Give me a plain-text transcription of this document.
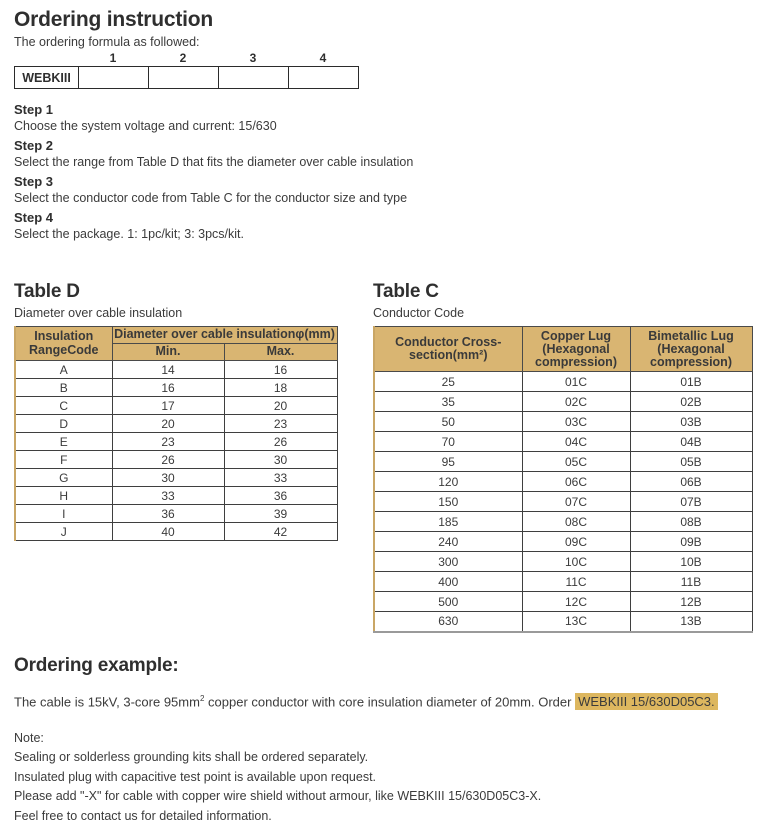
Ordering instruction

The ordering formula as followed:

1	2	3	4
WEBKIII				

Step 1

Choose the system voltage and current: 15/630

Step 2

Select the range from Table D that fits the diameter over cable insulation

Step 3

Select the conductor code from Table C for the conductor size and type

Step 4

Select the package. 1: 1pc/kit; 3: 3pcs/kit.

Table D

Diameter over cable insulation

Insulation
RangeCode	Diameter over cable insulationφ(mm)	
	Min.	Max.
A	14	16
B	16	18
C	17	20
D	20	23
E	23	26
F	26	30
G	30	33
H	33	36
I	36	39
J	40	42
Table C

Conductor Code

Conductor Cross-section(mm²)	Copper Lug (Hexagonal compression)	Bimetallic Lug (Hexagonal compression)
25	01C	01B
35	02C	02B
50	03C	03B
70	04C	04B
95	05C	05B
120	06C	06B
150	07C	07B
185	08C	08B
240	09C	09B
300	10C	10B
400	11C	11B
500	12C	12B
630	13C	13B
Ordering example:

The cable is 15kV, 3-core $95mm^2$ copper conductor with core insulation diameter of 20mm. Order WEBKIII 15/630D05C3.

Note:

Sealing or solderless grounding kits shall be ordered separately.

Insulated plug with capacitive test point is available upon request.

Please add "-X" for cable with copper wire shield without armour, like WEBKIII 15/630D05C3-X.

Feel free to contact us for detailed information.
